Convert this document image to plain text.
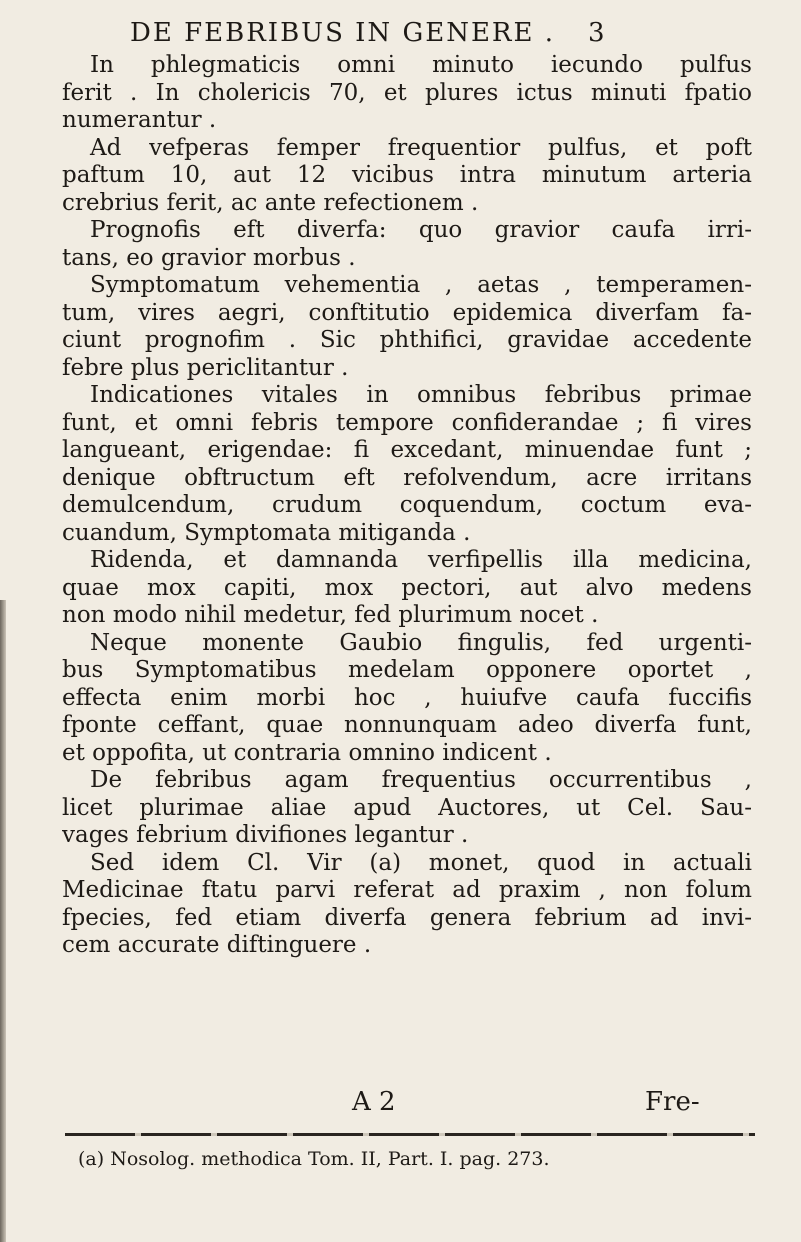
DE FEBRIBUS IN GENERE . 3
In phlegmaticis omni minuto iecundo pulfus
ferit . In cholericis 70, et plures ictus minuti fpatio
numerantur .
Ad vefperas femper frequentior pulfus, et poft
paftum 10, aut 12 vicibus intra minutum arteria
crebrius ferit, ac ante refectionem .
Prognofis eft diverfa: quo gravior caufa irri-
tans, eo gravior morbus .
Symptomatum vehementia , aetas , temperamen-
tum, vires aegri, conftitutio epidemica diverfam fa-
ciunt prognofim . Sic phthifici, gravidae accedente
febre plus periclitantur .
Indicationes vitales in omnibus febribus primae
funt, et omni febris tempore confiderandae ; fi vires
langueant, erigendae: fi excedant, minuendae funt ;
denique obftructum eft refolvendum, acre irritans
demulcendum, crudum coquendum, coctum eva-
cuandum, Symptomata mitiganda .
Ridenda, et damnanda verfipellis illa medicina,
quae mox capiti, mox pectori, aut alvo medens
non modo nihil medetur, fed plurimum nocet .
Neque monente Gaubio fingulis, fed urgenti-
bus Symptomatibus medelam opponere oportet ,
effecta enim morbi hoc , huiufve caufa fuccifis
fponte ceffant, quae nonnunquam adeo diverfa funt,
et oppofita, ut contraria omnino indicent .
De febribus agam frequentius occurrentibus ,
licet plurimae aliae apud Auctores, ut Cel. Sau-
vages febrium divifiones legantur .
Sed idem Cl. Vir (a) monet, quod in actuali
Medicinae ftatu parvi referat ad praxim , non folum
fpecies, fed etiam diverfa genera febrium ad invi-
cem accurate diftinguere .
A 2	Fre-
(a) Nosolog. methodica Tom. II, Part. I. pag. 273.
